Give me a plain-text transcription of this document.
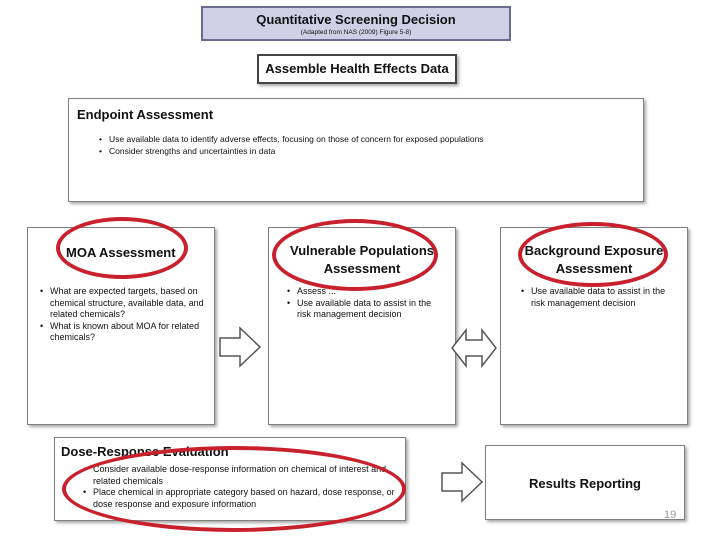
Quantitative Screening Decision
(Adapted from NAS (2009) Figure 5-8)
Assemble Health Effects Data
Endpoint Assessment
• Use available data to identify adverse effects, focusing on those of concern for exposed populations
• Consider strengths and uncertainties in data
MOA Assessment
• What are expected targets, based on chemical structure, available data, and related chemicals?
• What is known about MOA for related chemicals?
Vulnerable Populations
Assessment
• Assess ...
• Use available data to assist in the risk management decision
Background Exposure
Assessment
• Use available data to assist in the risk management decision
Dose-Response Evaluation
• Consider available dose-response information on chemical of interest and related chemicals
• Place chemical in appropriate category based on hazard, dose response, or dose response and exposure information
Results Reporting
19
